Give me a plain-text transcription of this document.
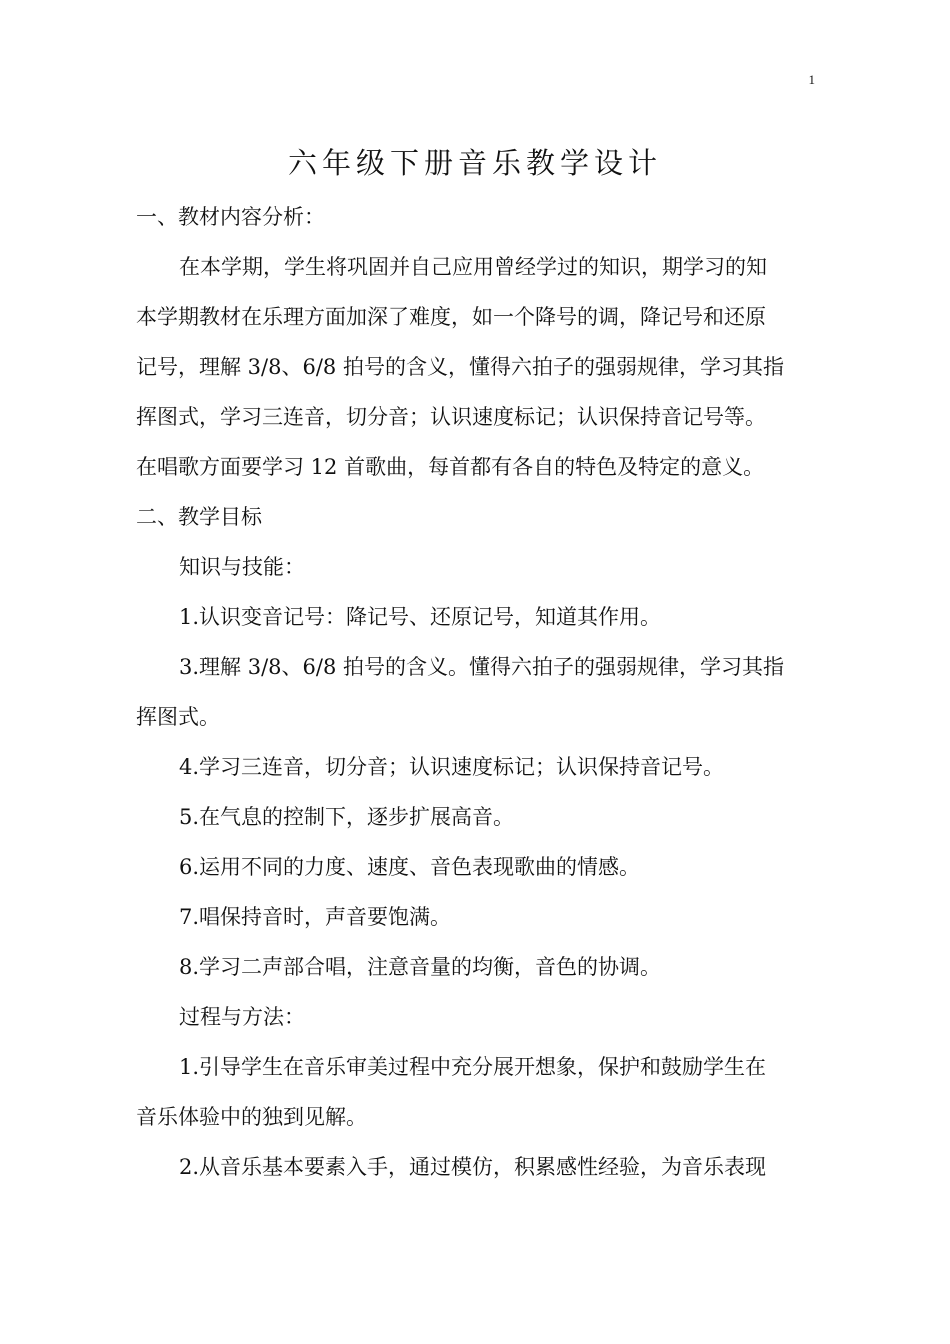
1
六年级下册音乐教学设计
一、教材内容分析：
在本学期，学生将巩固并自己应用曾经学过的知识，期学习的知
本学期教材在乐理方面加深了难度，如一个降号的调，降记号和还原
记号，理解 3/8、6/8 拍号的含义，懂得六拍子的强弱规律，学习其指
挥图式，学习三连音，切分音；认识速度标记；认识保持音记号等。
在唱歌方面要学习 12 首歌曲，每首都有各自的特色及特定的意义。
二、教学目标
知识与技能：
1.认识变音记号：降记号、还原记号，知道其作用。
3.理解 3/8、6/8 拍号的含义。懂得六拍子的强弱规律，学习其指
挥图式。
4.学习三连音，切分音；认识速度标记；认识保持音记号。
5.在气息的控制下，逐步扩展高音。
6.运用不同的力度、速度、音色表现歌曲的情感。
7.唱保持音时，声音要饱满。
8.学习二声部合唱，注意音量的均衡，音色的协调。
过程与方法：
1.引导学生在音乐审美过程中充分展开想象，保护和鼓励学生在
音乐体验中的独到见解。
2.从音乐基本要素入手，通过模仿，积累感性经验，为音乐表现
